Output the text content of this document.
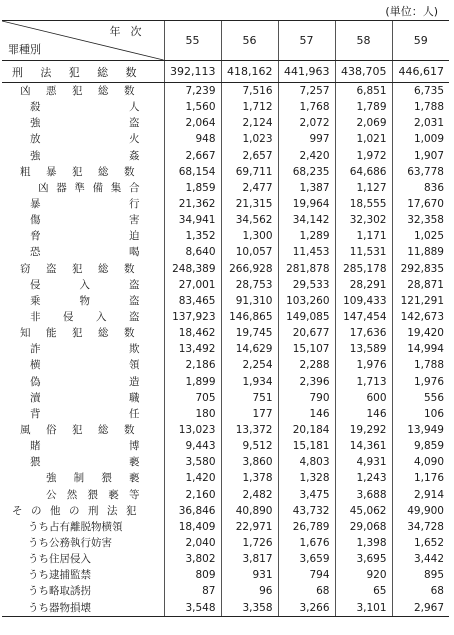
(単位：人)
年次
罪種別	55	56	57	58	59

刑法犯総数	392,113	418,162	441,963	438,705	446,617

凶悪犯総数	7,239	7,516	7,257	6,851	6,735

殺人	1,560	1,712	1,768	1,789	1,788

強盗	2,064	2,124	2,072	2,069	2,031

放火	948	1,023	997	1,021	1,009

強姦	2,667	2,657	2,420	1,972	1,907

粗暴犯総数	68,154	69,711	68,235	64,686	63,778

凶器準備集合	1,859	2,477	1,387	1,127	836

暴行	21,362	21,315	19,964	18,555	17,670

傷害	34,941	34,562	34,142	32,302	32,358

脅迫	1,352	1,300	1,289	1,171	1,025

恐喝	8,640	10,057	11,453	11,531	11,889

窃盗犯総数	248,389	266,928	281,878	285,178	292,835

侵入盗	27,001	28,753	29,533	28,291	28,871

乗物盗	83,465	91,310	103,260	109,433	121,291

非侵入盗	137,923	146,865	149,085	147,454	142,673

知能犯総数	18,462	19,745	20,677	17,636	19,420

詐欺	13,492	14,629	15,107	13,589	14,994

横領	2,186	2,254	2,288	1,976	1,788

偽造	1,899	1,934	2,396	1,713	1,976

瀆職	705	751	790	600	556

背任	180	177	146	146	106

風俗犯総数	13,023	13,372	20,184	19,292	13,949

賭博	9,443	9,512	15,181	14,361	9,859

猥褻	3,580	3,860	4,803	4,931	4,090

強制猥褻	1,420	1,378	1,328	1,243	1,176

公然猥褻等	2,160	2,482	3,475	3,688	2,914

その他の刑法犯	36,846	40,890	43,732	45,062	49,900

うち占有離脱物横領	18,409	22,971	26,789	29,068	34,728

うち公務執行妨害	2,040	1,726	1,676	1,398	1,652

うち住居侵入	3,802	3,817	3,659	3,695	3,442

うち逮捕監禁	809	931	794	920	895

うち略取誘拐	87	96	68	65	68

うち器物損壊	3,548	3,358	3,266	3,101	2,967
